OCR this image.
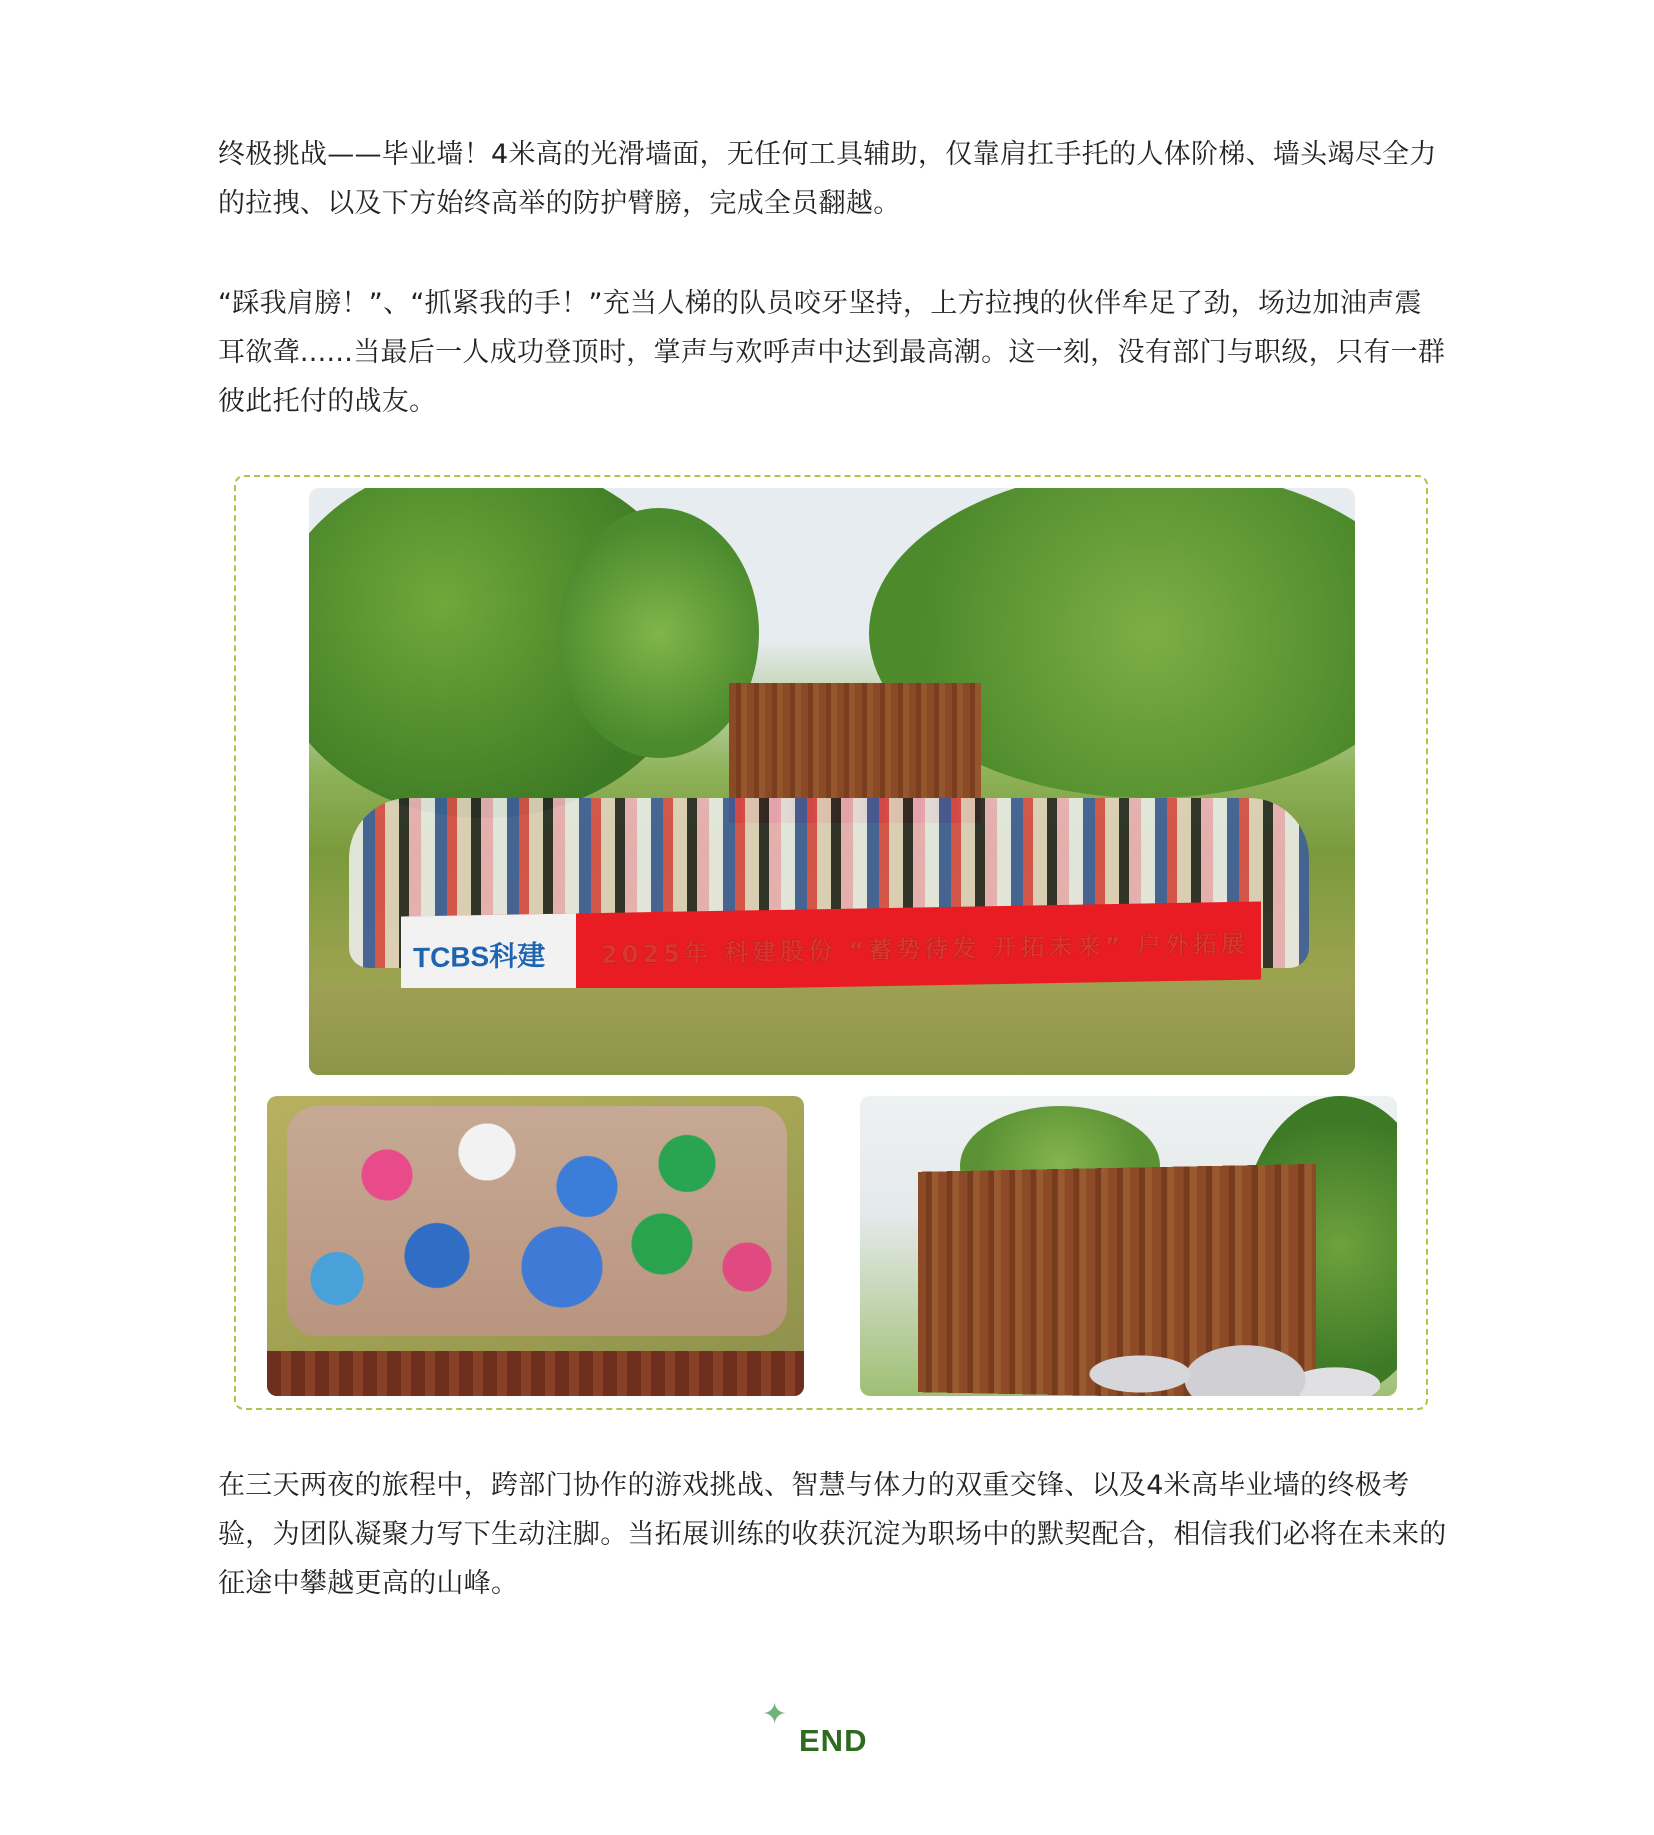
终极挑战——毕业墙！4米高的光滑墙面，无任何工具辅助，仅靠肩扛手托的人体阶梯、墙头竭尽全力的拉拽、以及下方始终高举的防护臂膀，完成全员翻越。

“踩我肩膀！”、“抓紧我的手！”充当人梯的队员咬牙坚持，上方拉拽的伙伴牟足了劲，场边加油声震耳欲聋......当最后一人成功登顶时，掌声与欢呼声中达到最高潮。这一刻，没有部门与职级，只有一群彼此托付的战友。

TCBS科建 2025年 科建股份 “蓄势待发 开拓未来” 户外拓展

在三天两夜的旅程中，跨部门协作的游戏挑战、智慧与体力的双重交锋、以及4米高毕业墙的终极考验，为团队凝聚力写下生动注脚。当拓展训练的收获沉淀为职场中的默契配合，相信我们必将在未来的征途中攀越更高的山峰。

✦
END
